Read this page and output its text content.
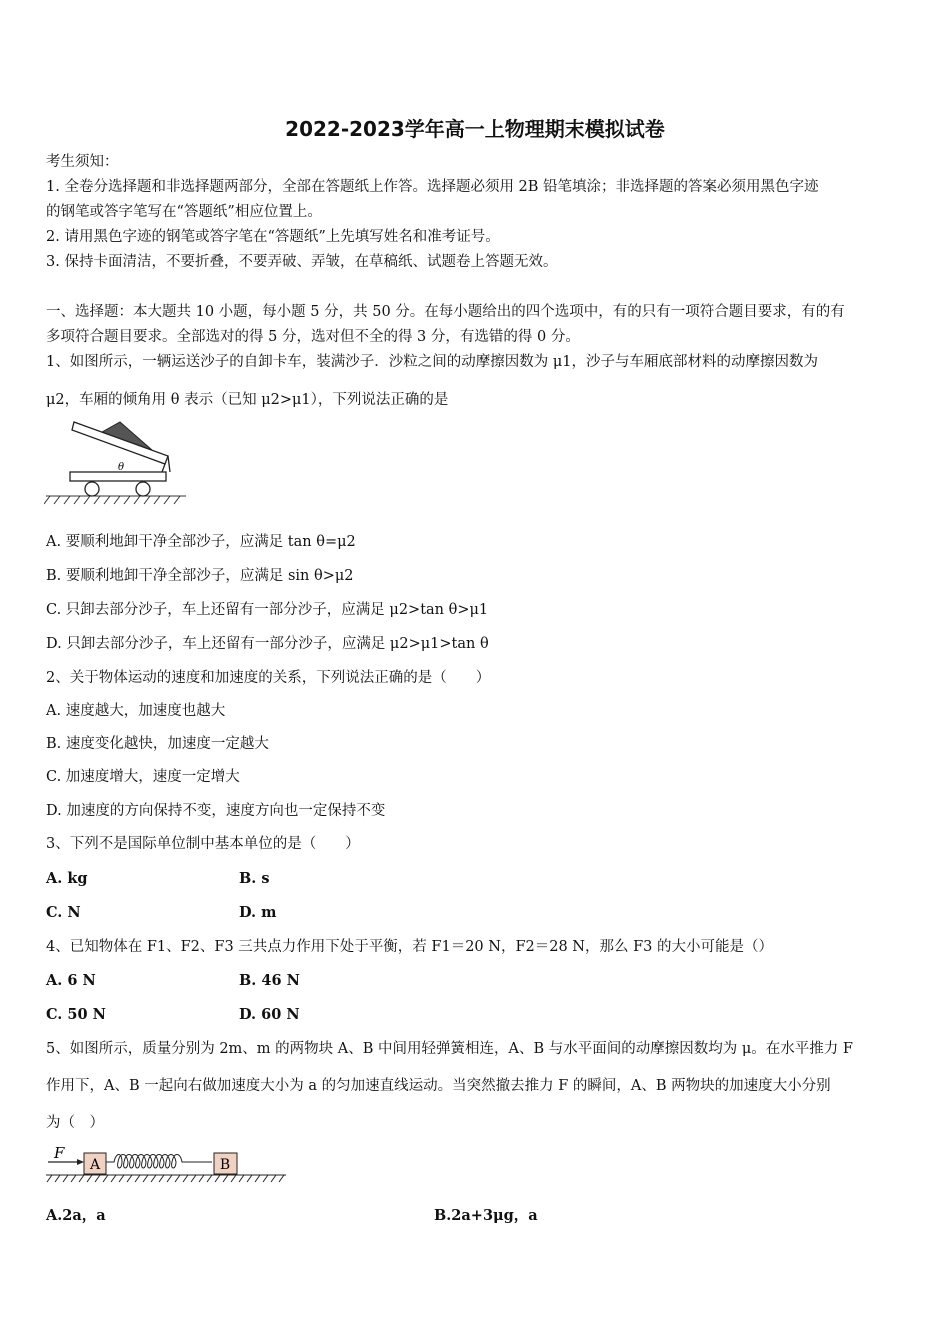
2022-2023学年高一上物理期末模拟试卷
考生须知：
1. 全卷分选择题和非选择题两部分，全部在答题纸上作答。选择题必须用 2B 铅笔填涂；非选择题的答案必须用黑色字迹
的钢笔或答字笔写在“答题纸”相应位置上。
2. 请用黑色字迹的钢笔或答字笔在“答题纸”上先填写姓名和准考证号。
3. 保持卡面清洁，不要折叠，不要弄破、弄皱，在草稿纸、试题卷上答题无效。
一、选择题：本大题共 10 小题，每小题 5 分，共 50 分。在每小题给出的四个选项中，有的只有一项符合题目要求，有的有
多项符合题目要求。全部选对的得 5 分，选对但不全的得 3 分，有选错的得 0 分。
1、如图所示，一辆运送沙子的自卸卡车，装满沙子．沙粒之间的动摩擦因数为 μ1，沙子与车厢底部材料的动摩擦因数为
μ2，车厢的倾角用 θ 表示（已知 μ2>μ1），下列说法正确的是
θ
A. 要顺利地卸干净全部沙子，应满足 tan θ=μ2
B. 要顺利地卸干净全部沙子，应满足 sin θ>μ2
C. 只卸去部分沙子，车上还留有一部分沙子，应满足 μ2>tan θ>μ1
D. 只卸去部分沙子，车上还留有一部分沙子，应满足 μ2>μ1>tan θ
2、关于物体运动的速度和加速度的关系，下列说法正确的是（　　）
A. 速度越大，加速度也越大
B. 速度变化越快，加速度一定越大
C. 加速度增大，速度一定增大
D. 加速度的方向保持不变，速度方向也一定保持不变
3、下列不是国际单位制中基本单位的是（　　）
A. kg	B. s
C. N	D. m
4、已知物体在 F1、F2、F3 三共点力作用下处于平衡，若 F1＝20 N，F2＝28 N，那么 F3 的大小可能是（）
A. 6 N	B. 46 N
C. 50 N	D. 60 N
5、如图所示，质量分别为 2m、m 的两物块 A、B 中间用轻弹簧相连，A、B 与水平面间的动摩擦因数均为 μ。在水平推力 F
作用下，A、B 一起向右做加速度大小为 a 的匀加速直线运动。当突然撤去推力 F 的瞬间，A、B 两物块的加速度大小分别
为（　）
F
A	B
A.2a，a	B.2a+3μg，a
